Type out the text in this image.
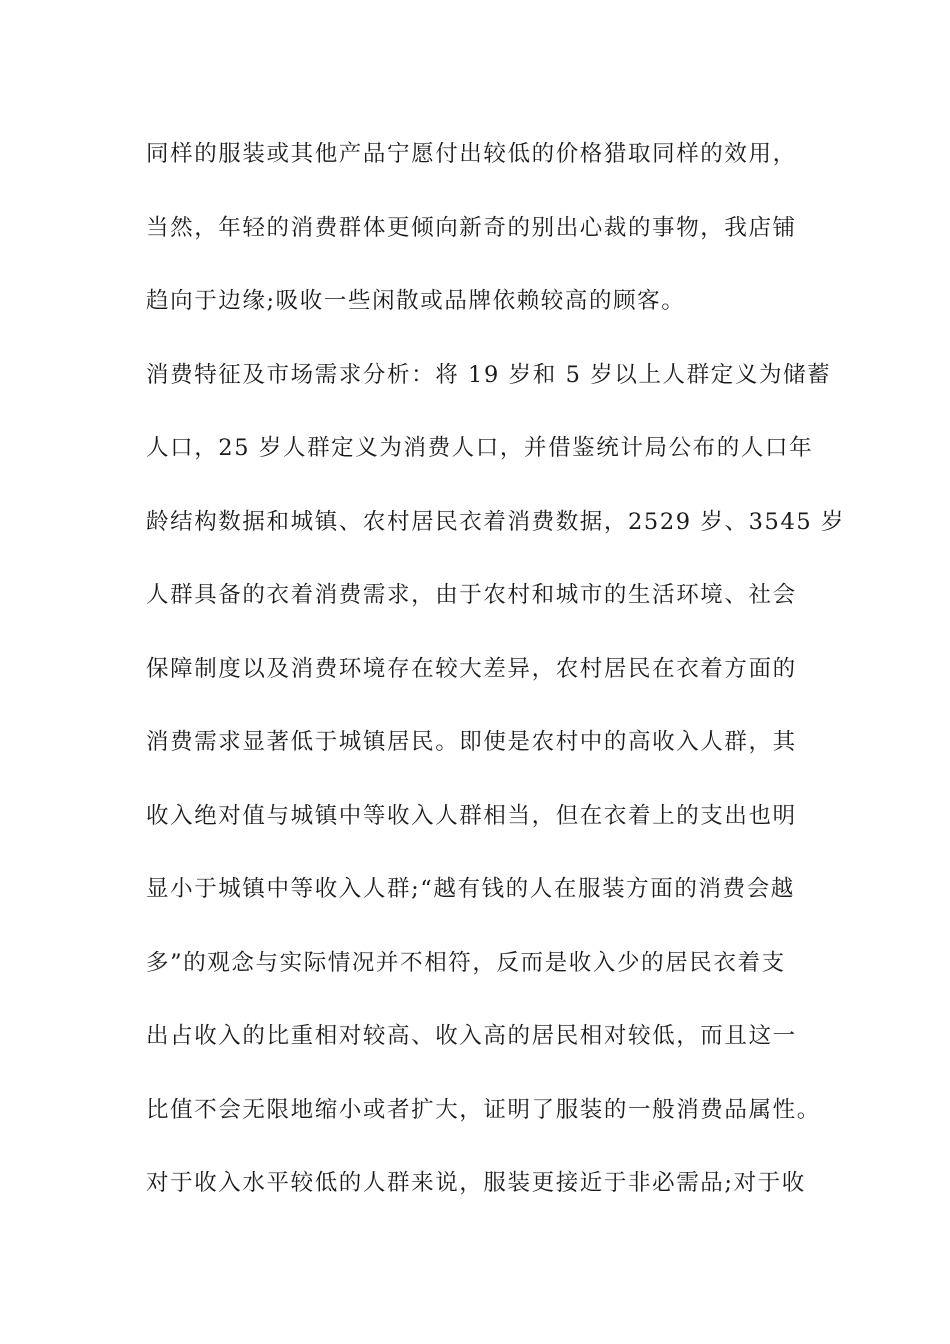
同样的服装或其他产品宁愿付出较低的价格猎取同样的效用，
当然，年轻的消费群体更倾向新奇的别出心裁的事物，我店铺
趋向于边缘;吸收一些闲散或品牌依赖较高的顾客。
消费特征及市场需求分析：将 19 岁和 5 岁以上人群定义为储蓄
人口，25 岁人群定义为消费人口，并借鉴统计局公布的人口年
龄结构数据和城镇、农村居民衣着消费数据，2529 岁、3545 岁
人群具备的衣着消费需求，由于农村和城市的生活环境、社会
保障制度以及消费环境存在较大差异，农村居民在衣着方面的
消费需求显著低于城镇居民。即使是农村中的高收入人群，其
收入绝对值与城镇中等收入人群相当，但在衣着上的支出也明
显小于城镇中等收入人群;“越有钱的人在服装方面的消费会越
多”的观念与实际情况并不相符，反而是收入少的居民衣着支
出占收入的比重相对较高、收入高的居民相对较低，而且这一
比值不会无限地缩小或者扩大，证明了服装的一般消费品属性。
对于收入水平较低的人群来说，服装更接近于非必需品;对于收
